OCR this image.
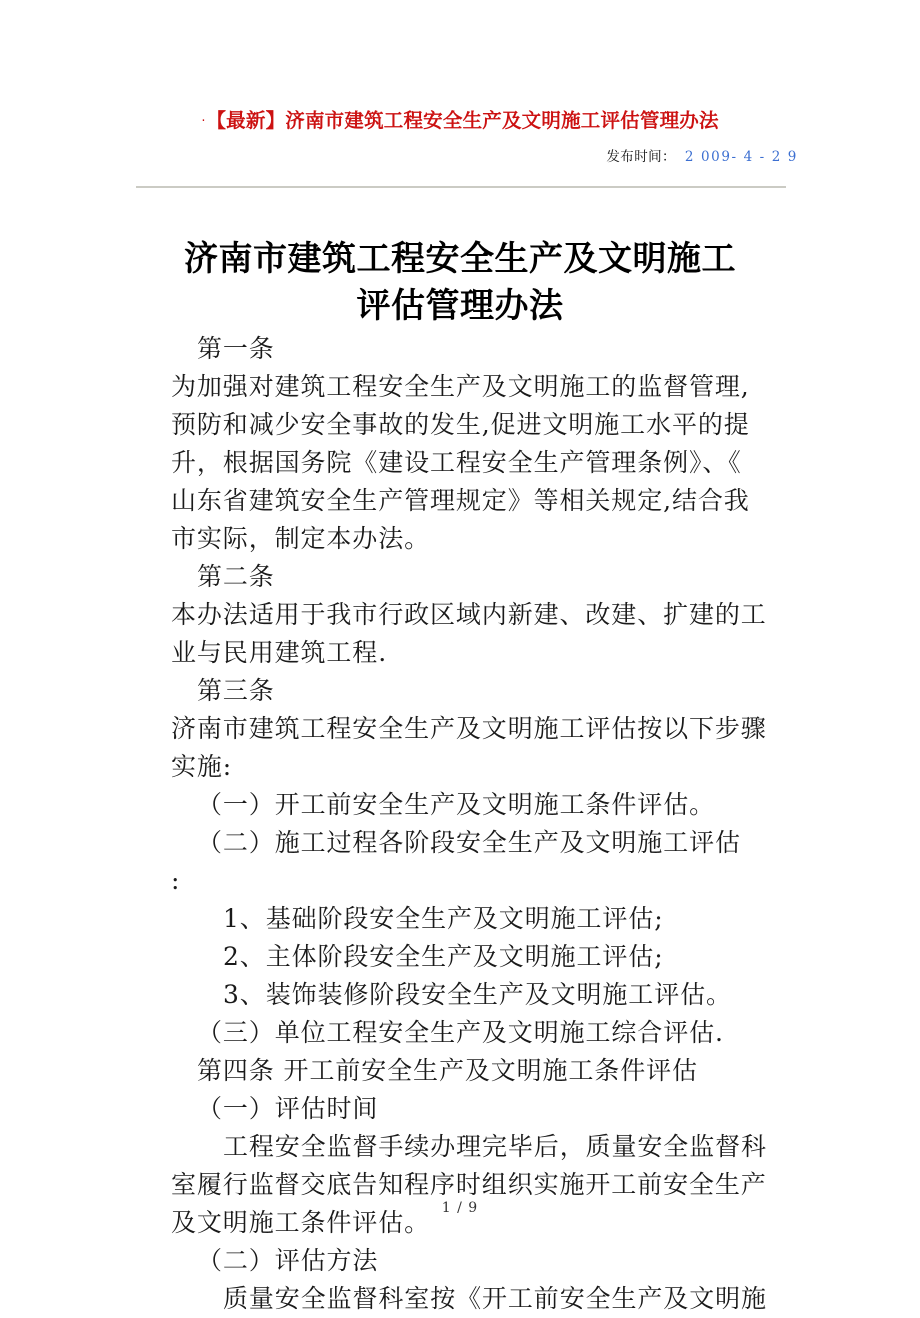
·【最新】济南市建筑工程安全生产及文明施工评估管理办法
发布时间： 2 009- 4 - 2 9
济南市建筑工程安全生产及文明施工
评估管理办法
第一条
为加强对建筑工程安全生产及文明施工的监督管理,
预防和减少安全事故的发生,促进文明施工水平的提
升，根据国务院《建设工程安全生产管理条例》、《
山东省建筑安全生产管理规定》等相关规定,结合我
市实际，制定本办法。
第二条
本办法适用于我市行政区域内新建、改建、扩建的工
业与民用建筑工程.
第三条
济南市建筑工程安全生产及文明施工评估按以下步骤
实施:
（一）开工前安全生产及文明施工条件评估。
（二）施工过程各阶段安全生产及文明施工评估
:
1、基础阶段安全生产及文明施工评估;
2、主体阶段安全生产及文明施工评估;
3、装饰装修阶段安全生产及文明施工评估。
（三）单位工程安全生产及文明施工综合评估.
第四条 开工前安全生产及文明施工条件评估
（一）评估时间
工程安全监督手续办理完毕后，质量安全监督科
室履行监督交底告知程序时组织实施开工前安全生产
及文明施工条件评估。
（二）评估方法
质量安全监督科室按《开工前安全生产及文明施
1 / 9
